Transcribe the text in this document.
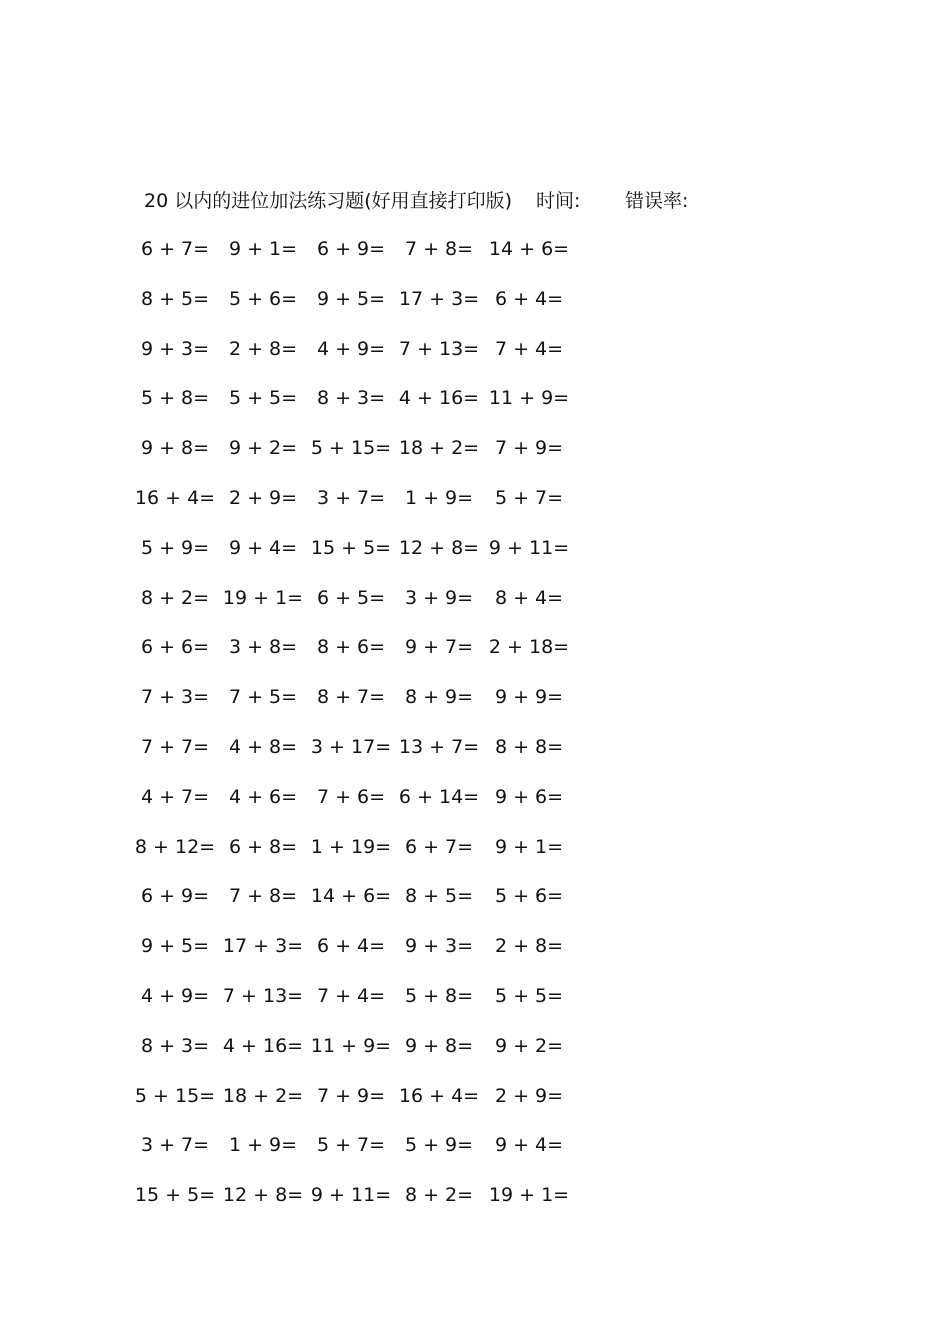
20 以内的进位加法练习题(好用直接打印版) 时间: 错误率:
6 + 7=	9 + 1=	6 + 9=	7 + 8= 14 + 6=
8 + 5=	5 + 6=	9 + 5= 17 + 3= 6 + 4=
9 + 3=	2 + 8=	4 + 9= 7 + 13= 7 + 4=
5 + 8=	5 + 5=	8 + 3= 4 + 16= 11 + 9=
9 + 8=	9 + 2= 5 + 15= 18 + 2= 7 + 9=
16 + 4= 2 + 9=	3 + 7=	1 + 9=	5 + 7=
5 + 9=	9 + 4= 15 + 5= 12 + 8= 9 + 11=
8 + 2= 19 + 1= 6 + 5=	3 + 9=	8 + 4=
6 + 6=	3 + 8=	8 + 6=	9 + 7= 2 + 18=
7 + 3=	7 + 5=	8 + 7=	8 + 9=	9 + 9=
7 + 7=	4 + 8= 3 + 17= 13 + 7= 8 + 8=
4 + 7=	4 + 6=	7 + 6= 6 + 14= 9 + 6=
8 + 12= 6 + 8= 1 + 19= 6 + 7=	9 + 1=
6 + 9=	7 + 8= 14 + 6= 8 + 5=	5 + 6=
9 + 5= 17 + 3= 6 + 4=	9 + 3=	2 + 8=
4 + 9= 7 + 13= 7 + 4=	5 + 8=	5 + 5=
8 + 3= 4 + 16= 11 + 9= 9 + 8=	9 + 2=
5 + 15= 18 + 2= 7 + 9= 16 + 4= 2 + 9=
3 + 7=	1 + 9=	5 + 7=	5 + 9=	9 + 4=
15 + 5= 12 + 8= 9 + 11= 8 + 2= 19 + 1=
